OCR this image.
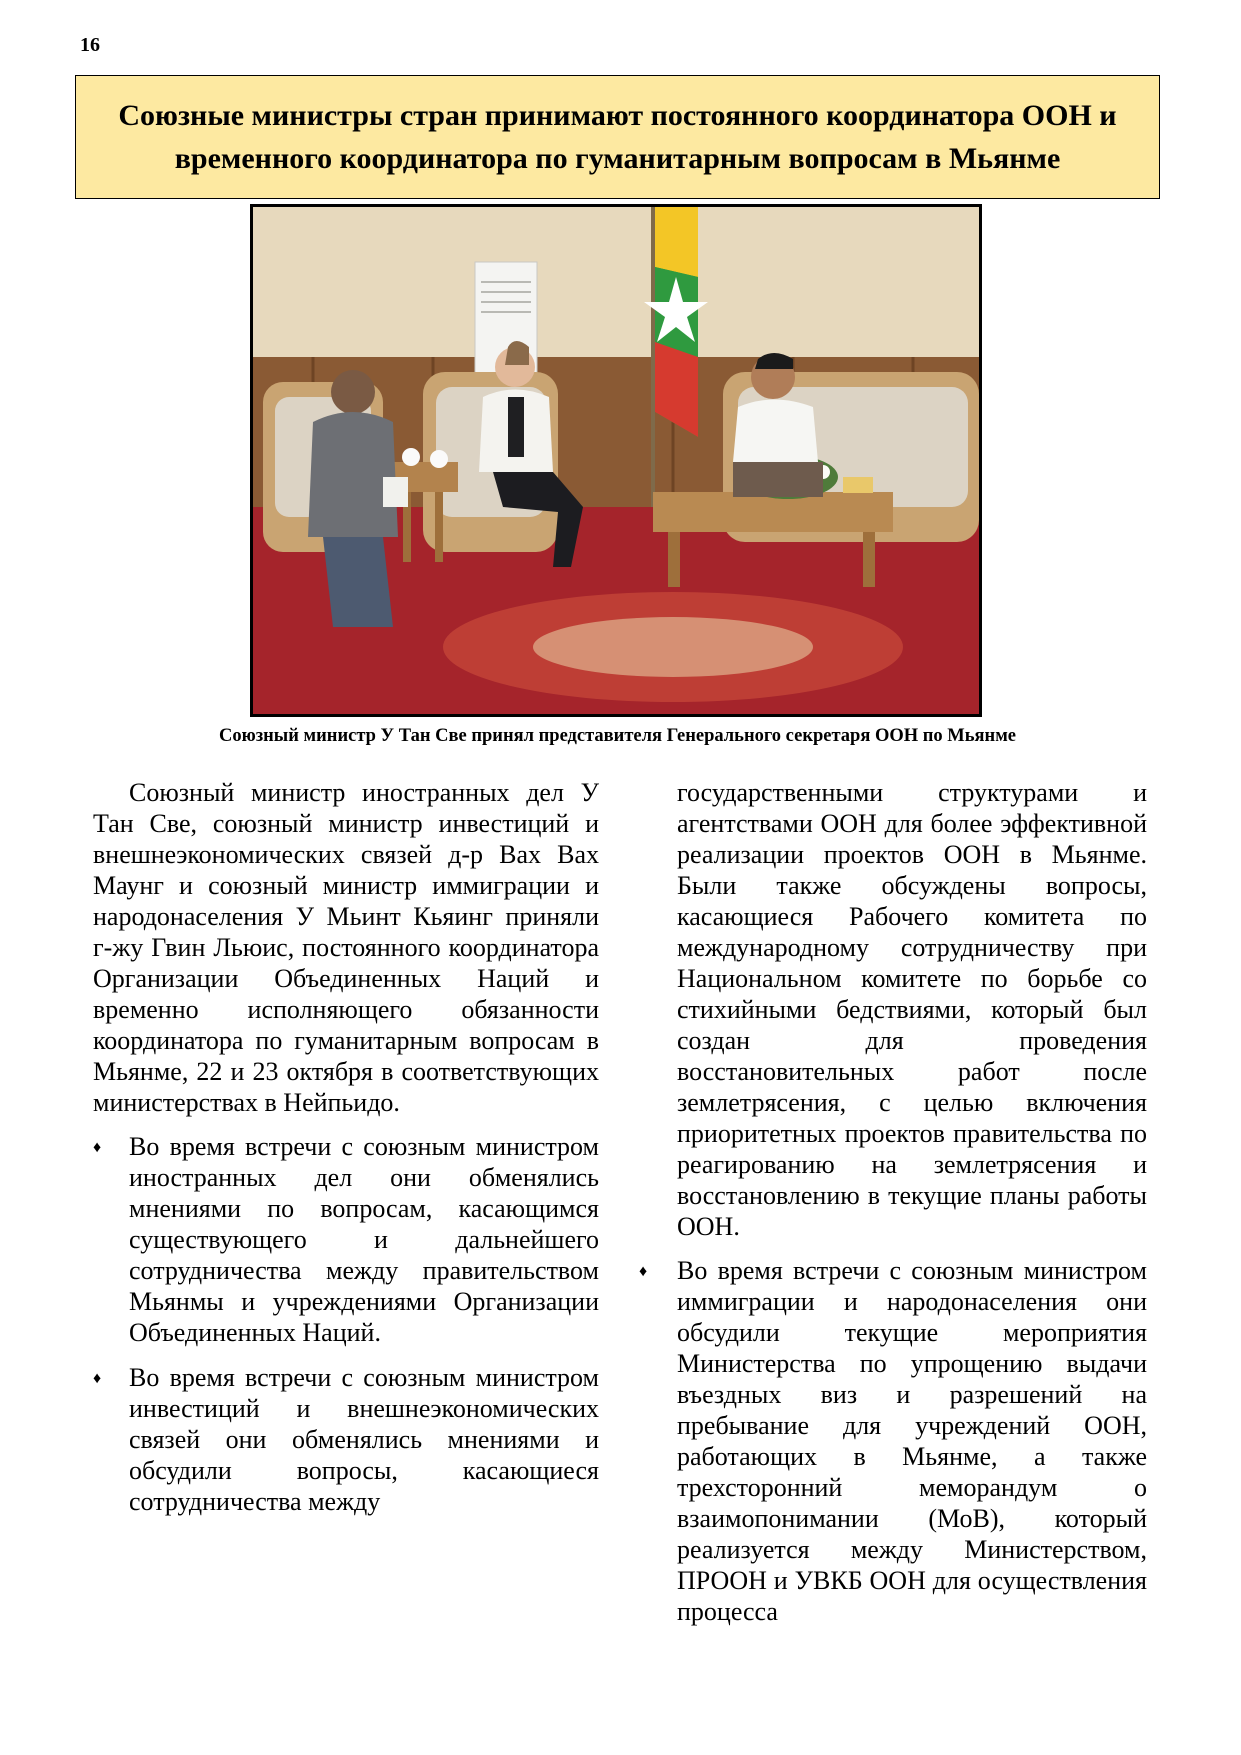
16
Союзные министры стран принимают постоянного координатора ООН и временного координатора по гуманитарным вопросам в Мьянме
Союзный министр У Тан Све принял представителя Генерального секретаря ООН по Мьянме

Союзный министр иностранных дел У Тан Све, союзный министр инвестиций и внешнеэкономических связей д-р Вах Вах Маунг и союзный министр иммиграции и народонаселения У Мьинт Кьяинг приняли г-жу Гвин Льюис, постоянного координатора Организации Объединенных Наций и временно исполняющего обязанности координатора по гуманитарным вопросам в Мьянме, 22 и 23 октября в соответствующих министерствах в Нейпьидо.

♦	Во время встречи с союзным министром иностранных дел они обменялись мнениями по вопросам, касающимся существующего и дальнейшего сотрудничества между правительством Мьянмы и учреждениями Организации Объединенных Наций.
♦	Во время встречи с союзным министром инвестиций и внешнеэкономических связей они обменялись мнениями и обсудили вопросы, касающиеся сотрудничества между

государственными структурами и агентствами ООН для более эффективной реализации проектов ООН в Мьянме. Были также обсуждены вопросы, касающиеся Рабочего комитета по международному сотрудничеству при Национальном комитете по борьбе со стихийными бедствиями, который был создан для проведения восстановительных работ после землетрясения, с целью включения приоритетных проектов правительства по реагированию на землетрясения и восстановлению в текущие планы работы ООН.

♦	Во время встречи с союзным министром иммиграции и народонаселения они обсудили текущие мероприятия Министерства по упрощению выдачи въездных виз и разрешений на пребывание для учреждений ООН, работающих в Мьянме, а также трехсторонний меморандум о взаимопонимании (МоВ), который реализуется между Министерством, ПРООН и УВКБ ООН для осуществления процесса
